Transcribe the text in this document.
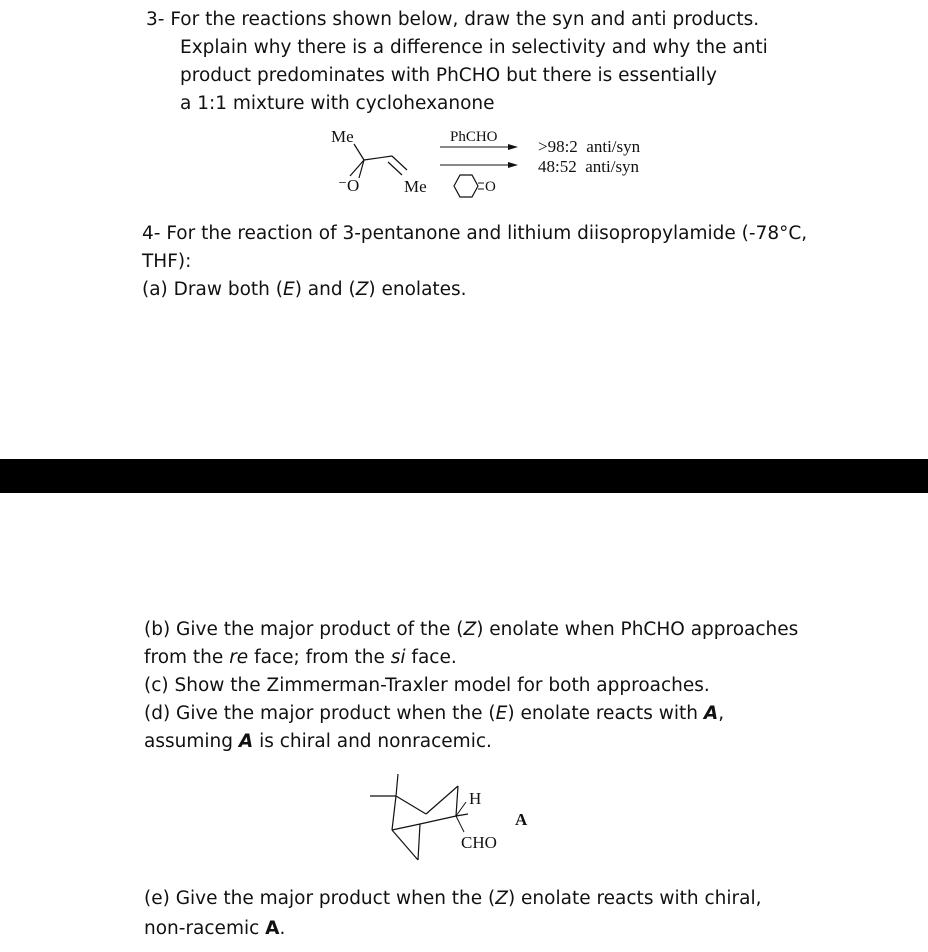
3- For the reactions shown below, draw the syn and anti products.

Explain why there is a difference in selectivity and why the anti

product predominates with PhCHO but there is essentially

a 1:1 mixture with cyclohexanone

Me
⁻O	Me	O
PhCHO >98:2  anti/syn
48:52  anti/syn

4- For the reaction of 3-pentanone and lithium diisopropylamide (-78°C,

THF):

(a) Draw both (E) and (Z) enolates.

(b) Give the major product of the (Z) enolate when PhCHO approaches

from the re face; from the si face.

(c) Show the Zimmerman-Traxler model for both approaches.

(d) Give the major product when the (E) enolate reacts with A,

assuming A is chiral and nonracemic.

H
CHO
A

(e) Give the major product when the (Z) enolate reacts with chiral,

non-racemic A.
